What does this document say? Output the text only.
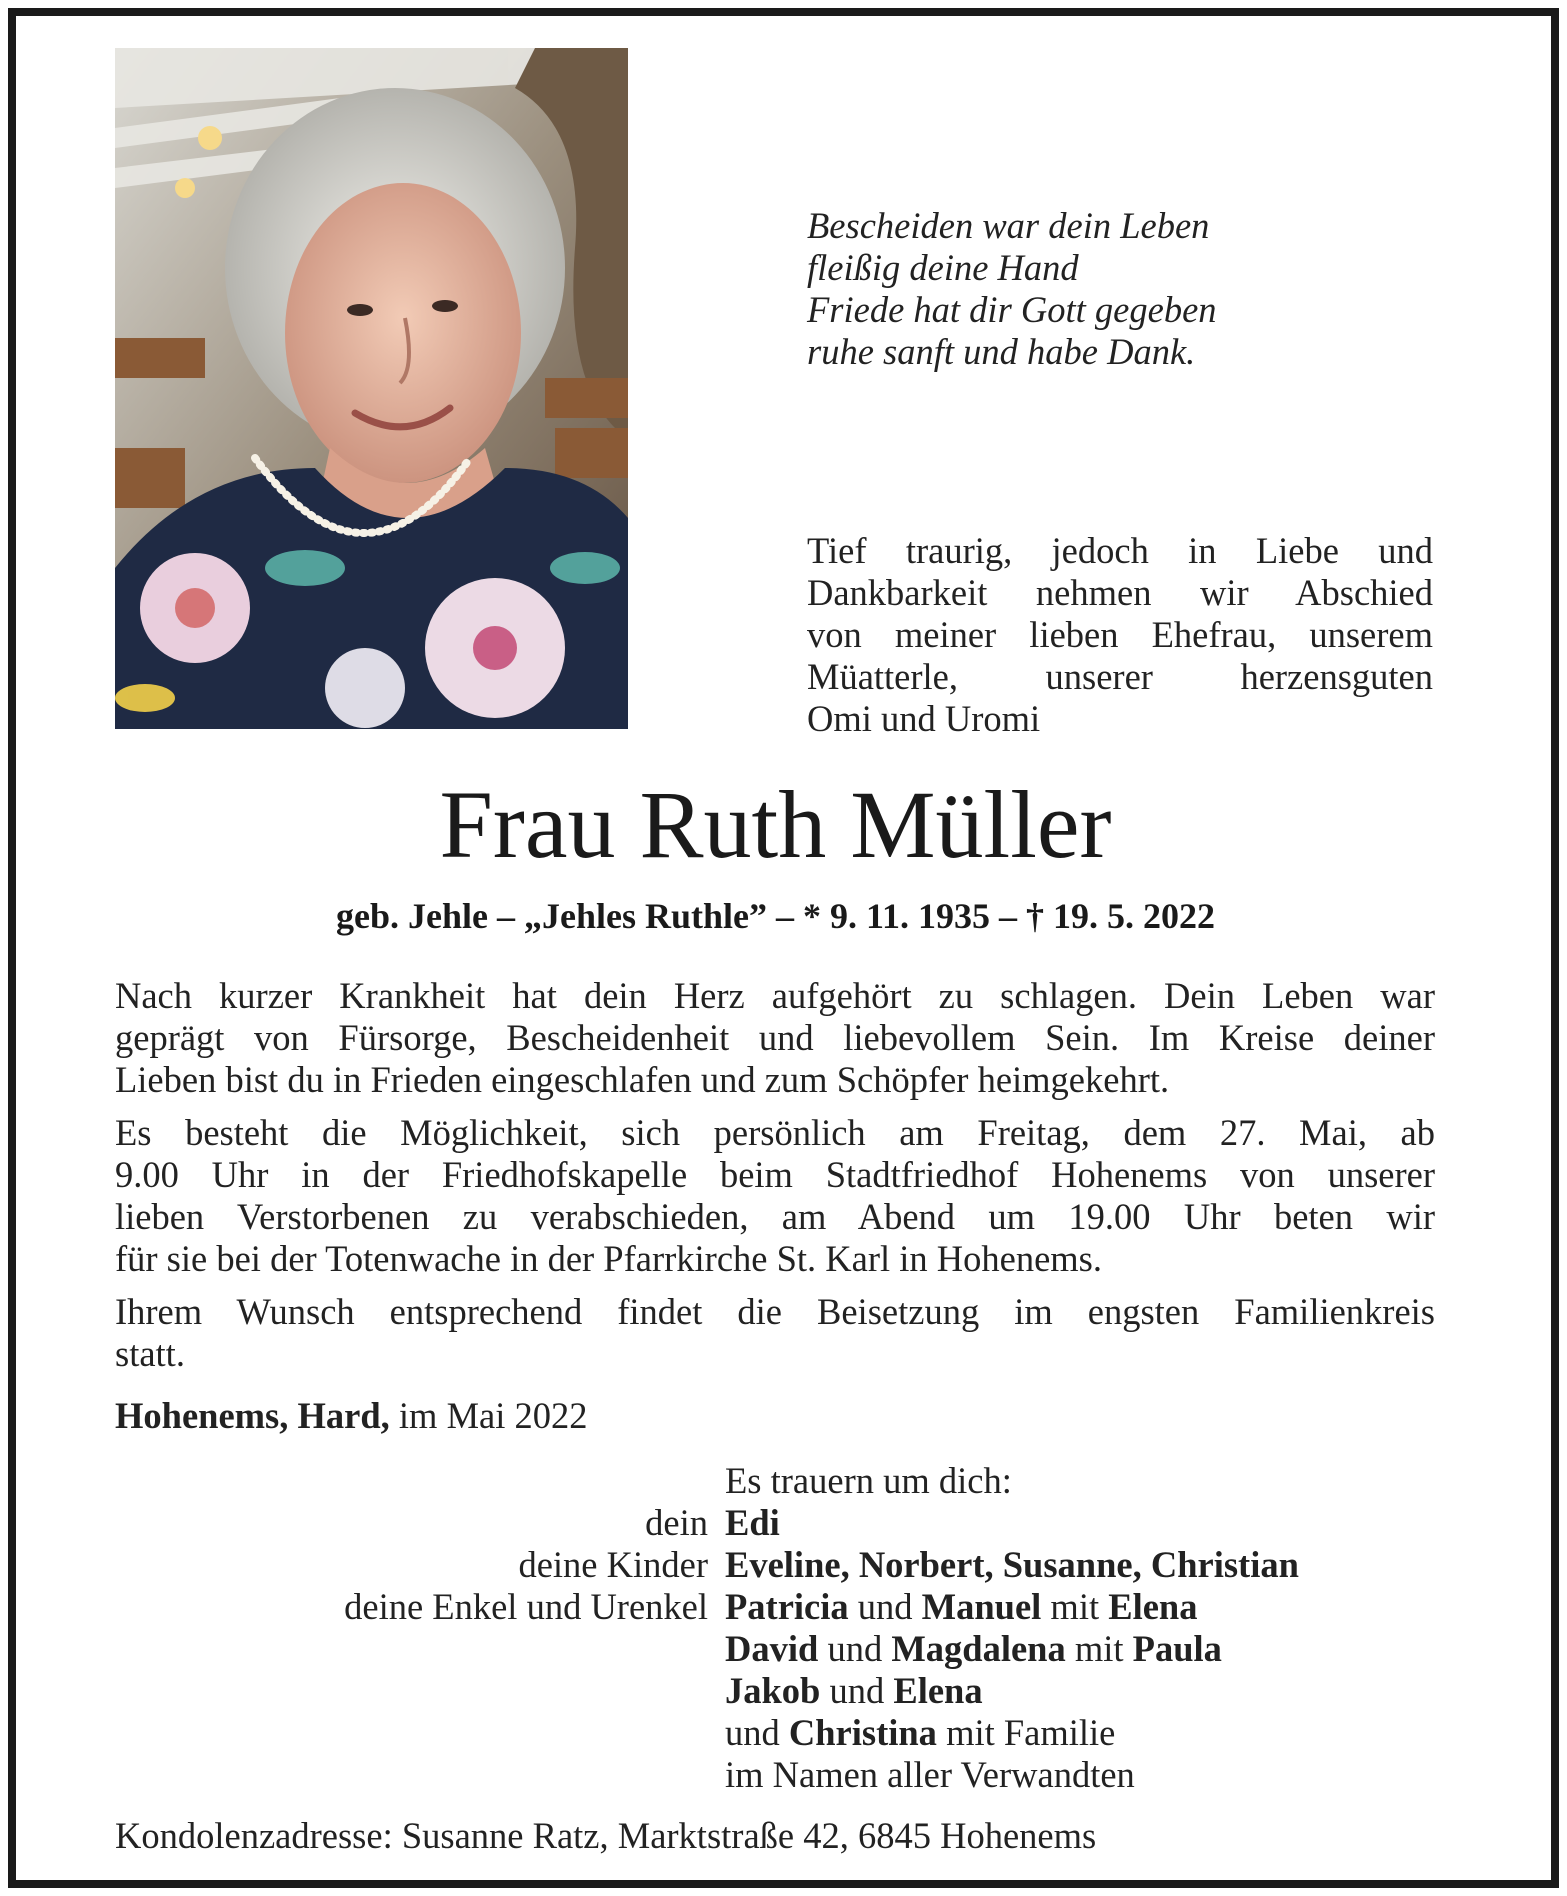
Bescheiden war dein Leben
fleißig deine Hand
Friede hat dir Gott gegeben
ruhe sanft und habe Dank.
Tief traurig, jedoch in Liebe und
Dankbarkeit nehmen wir Abschied
von meiner lieben Ehefrau, unserem
Müatterle, unserer herzensguten
Omi und Uromi
Frau Ruth Müller
geb. Jehle – „Jehles Ruthle” – * 9. 11. 1935 – † 19. 5. 2022
Nach kurzer Krankheit hat dein Herz aufgehört zu schlagen. Dein Leben war
geprägt von Fürsorge, Bescheidenheit und liebevollem Sein. Im Kreise deiner
Lieben bist du in Frieden eingeschlafen und zum Schöpfer heimgekehrt.
Es besteht die Möglichkeit, sich persönlich am Freitag, dem 27. Mai, ab
9.00 Uhr in der Friedhofskapelle beim Stadtfriedhof Hohenems von unserer
lieben Verstorbenen zu verabschieden, am Abend um 19.00 Uhr beten wir
für sie bei der Totenwache in der Pfarrkirche St. Karl in Hohenems.
Ihrem Wunsch entsprechend findet die Beisetzung im engsten Familienkreis
statt.
Hohenems, Hard, im Mai 2022
Es trauern um dich:
dein
deine Kinder
deine Enkel und Urenkel
Edi
Eveline, Norbert, Susanne, Christian
Patricia und Manuel mit Elena
David und Magdalena mit Paula
Jakob und Elena
und Christina mit Familie
im Namen aller Verwandten
Kondolenzadresse: Susanne Ratz, Marktstraße 42, 6845 Hohenems
